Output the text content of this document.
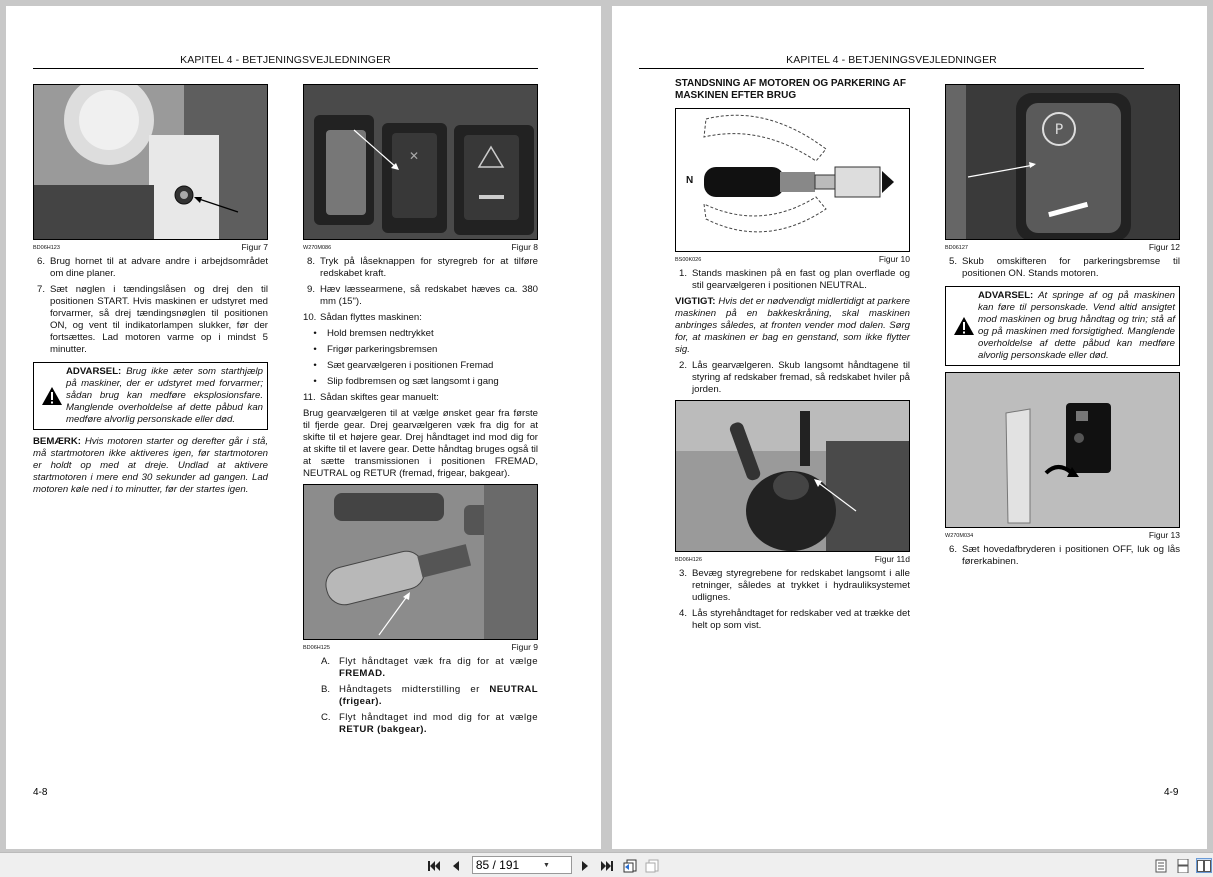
KAPITEL 4 - BETJENINGSVEJLEDNINGER
BD06H123	Figur 7
6. Brug hornet til at advare andre i arbejdsområdet om dine planer.
7. Sæt nøglen i tændingslåsen og drej den til positionen START. Hvis maskinen er udstyret med forvarmer, så drej tændingsnøglen til positionen ON, og vent til indikatorlampen slukker, før der fortsættes. Lad motoren varme op i mindst 5 minutter.
ADVARSEL: Brug ikke æter som starthjælp på maskiner, der er udstyret med forvarmer; sådan brug kan medføre eksplosionsfare. Manglende overholdelse af dette påbud kan medføre alvorlig personskade eller død.
BEMÆRK: Hvis motoren starter og derefter går i stå, må startmotoren ikke aktiveres igen, før startmotoren er holdt op med at dreje. Undlad at aktivere startmotoren i mere end 30 sekunder ad gangen. Lad motoren køle ned i to minutter, før der startes igen.
✕
W270M086	Figur 8
8. Tryk på låseknappen for styregreb for at tilføre redskabet kraft.
9. Hæv læssearmene, så redskabet hæves ca. 380 mm (15").
10. Sådan flyttes maskinen:
•	Hold bremsen nedtrykket
•	Frigør parkeringsbremsen
•	Sæt gearvælgeren i positionen Fremad
•	Slip fodbremsen og sæt langsomt i gang
11. Sådan skiftes gear manuelt:
Brug gearvælgeren til at vælge ønsket gear fra første til fjerde gear. Drej gearvælgeren væk fra dig for at skifte til et højere gear. Drej håndtaget ind mod dig for at skifte til et lavere gear. Dette håndtag bruges også til at sætte transmissionen i positionen FREMAD, NEUTRAL og RETUR (fremad, frigear, bakgear).
BD06H125	Figur 9
A. Flyt håndtaget væk fra dig for at vælge FREMAD.
B. Håndtagets midterstilling er NEUTRAL (frigear).
C. Flyt håndtaget ind mod dig for at vælge RETUR (bakgear).
4-8
KAPITEL 4 - BETJENINGSVEJLEDNINGER
STANDSNING AF MOTOREN OG PARKERING AF MASKINEN EFTER BRUG
N
BS00K026	Figur 10
1. Stands maskinen på en fast og plan overflade og stil gearvælgeren i positionen NEUTRAL.
VIGTIGT: Hvis det er nødvendigt midlertidigt at parkere maskinen på en bakkeskråning, skal maskinen anbringes således, at fronten vender mod dalen. Sørg for, at maskinen er bag en genstand, som ikke flytter sig.
2. Lås gearvælgeren. Skub langsomt håndtagene til styring af redskaber fremad, så redskabet hviler på jorden.
BD06H126	Figur 11d
3. Bevæg styregrebene for redskabet langsomt i alle retninger, således at trykket i hydrauliksystemet udlignes.
4. Lås styrehåndtaget for redskaber ved at trække det helt op som vist.
P
BD06127	Figur 12
5. Skub omskifteren for parkeringsbremse til positionen ON. Stands motoren.
ADVARSEL: At springe af og på maskinen kan føre til personskade. Vend altid ansigtet mod maskinen og brug håndtag og trin; stå af og på maskinen med forsigtighed. Manglende overholdelse af dette påbud kan medføre alvorlig personskade eller død.
W270M034	Figur 13
6. Sæt hovedafbryderen i positionen OFF, luk og lås førerkabinen.
4-9
85 / 191	▼
